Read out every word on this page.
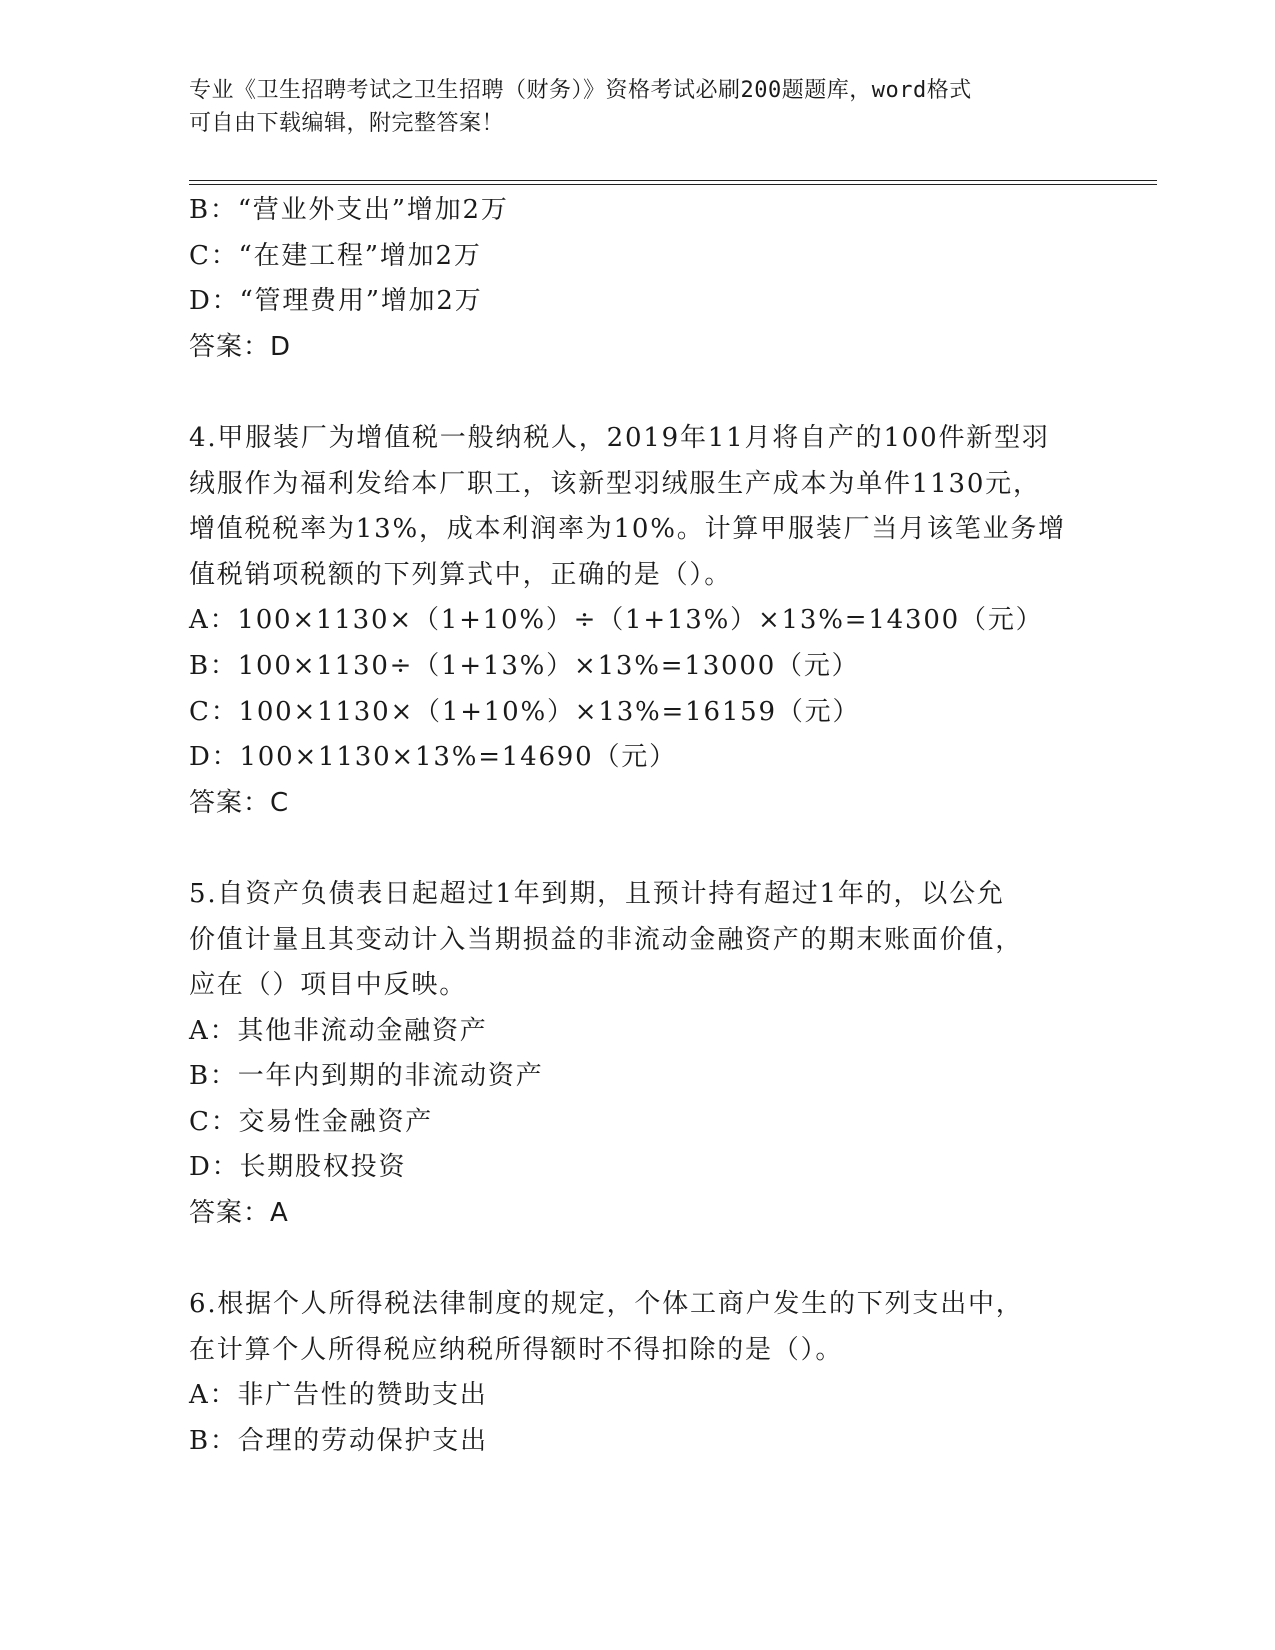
专业《卫生招聘考试之卫生招聘（财务）》资格考试必刷200题题库，word格式
可自由下载编辑，附完整答案！
B：“营业外支出”增加2万
C：“在建工程”增加2万
D：“管理费用”增加2万
答案：D
4.甲服装厂为增值税一般纳税人，2019年11月将自产的100件新型羽
绒服作为福利发给本厂职工，该新型羽绒服生产成本为单件1130元，
增值税税率为13%，成本利润率为10%。计算甲服装厂当月该笔业务增
值税销项税额的下列算式中，正确的是（）。
A：100×1130×（1+10%）÷（1+13%）×13%=14300（元）
B：100×1130÷（1+13%）×13%=13000（元）
C：100×1130×（1+10%）×13%=16159（元）
D：100×1130×13%=14690（元）
答案：C
5.自资产负债表日起超过1年到期，且预计持有超过1年的，以公允
价值计量且其变动计入当期损益的非流动金融资产的期末账面价值，
应在（）项目中反映。
A：其他非流动金融资产
B：一年内到期的非流动资产
C：交易性金融资产
D：长期股权投资
答案：A
6.根据个人所得税法律制度的规定，个体工商户发生的下列支出中，
在计算个人所得税应纳税所得额时不得扣除的是（）。
A：非广告性的赞助支出
B：合理的劳动保护支出
